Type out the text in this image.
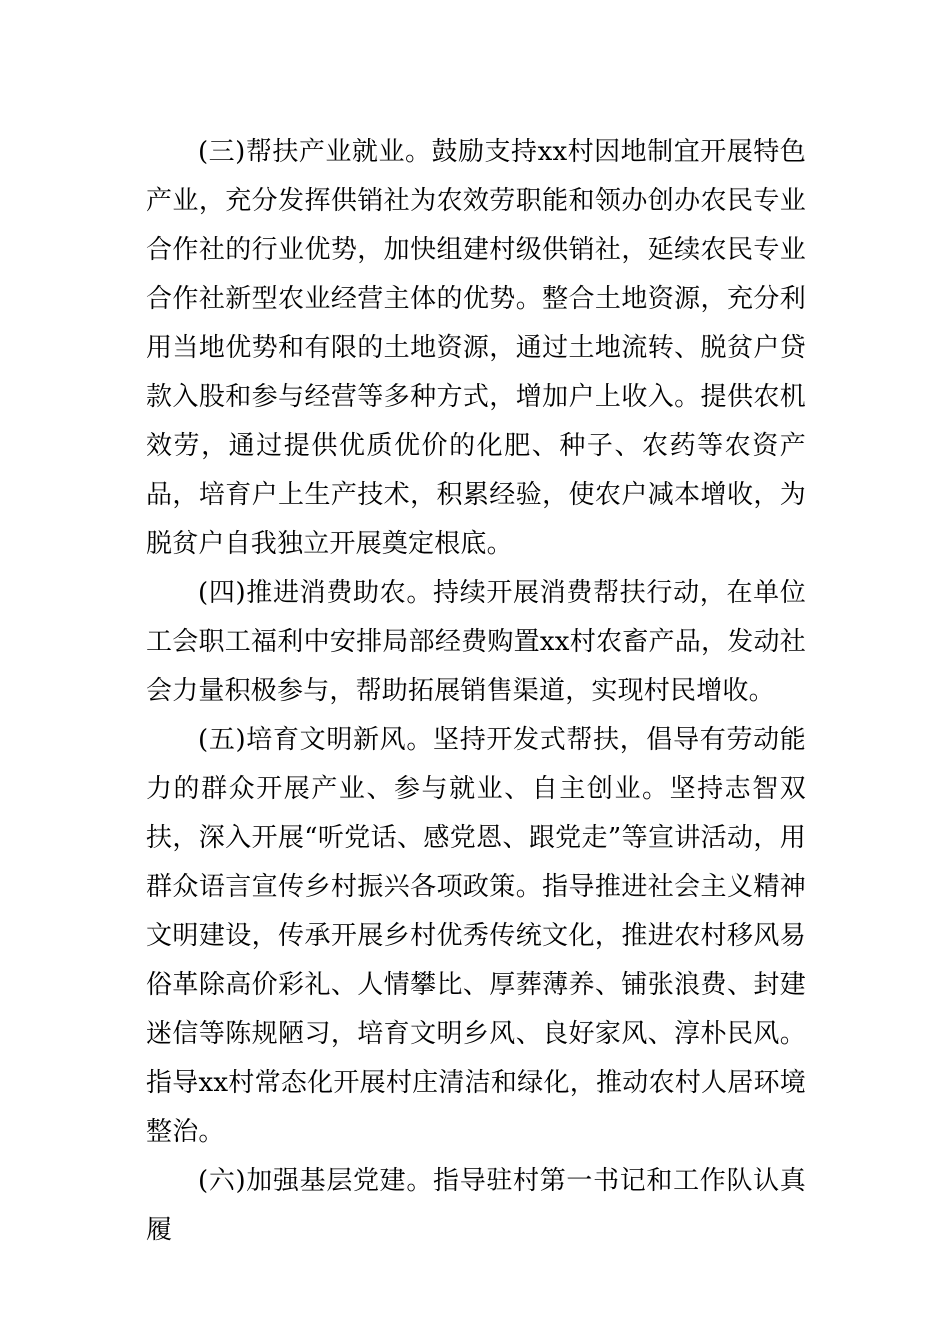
(三)帮扶产业就业。鼓励支持xx村因地制宜开展特色产业，充分发挥供销社为农效劳职能和领办创办农民专业合作社的行业优势，加快组建村级供销社，延续农民专业合作社新型农业经营主体的优势。整合土地资源，充分利用当地优势和有限的土地资源，通过土地流转、脱贫户贷款入股和参与经营等多种方式，增加户上收入。提供农机效劳，通过提供优质优价的化肥、种子、农药等农资产品，培育户上生产技术，积累经验，使农户减本增收，为脱贫户自我独立开展奠定根底。

(四)推进消费助农。持续开展消费帮扶行动，在单位工会职工福利中安排局部经费购置xx村农畜产品，发动社会力量积极参与，帮助拓展销售渠道，实现村民增收。

(五)培育文明新风。坚持开发式帮扶，倡导有劳动能力的群众开展产业、参与就业、自主创业。坚持志智双扶，深入开展“听党话、感党恩、跟党走”等宣讲活动，用群众语言宣传乡村振兴各项政策。指导推进社会主义精神文明建设，传承开展乡村优秀传统文化，推进农村移风易俗革除高价彩礼、人情攀比、厚葬薄养、铺张浪费、封建迷信等陈规陋习，培育文明乡风、良好家风、淳朴民风。指导xx村常态化开展村庄清洁和绿化，推动农村人居环境整治。

(六)加强基层党建。指导驻村第一书记和工作队认真履
